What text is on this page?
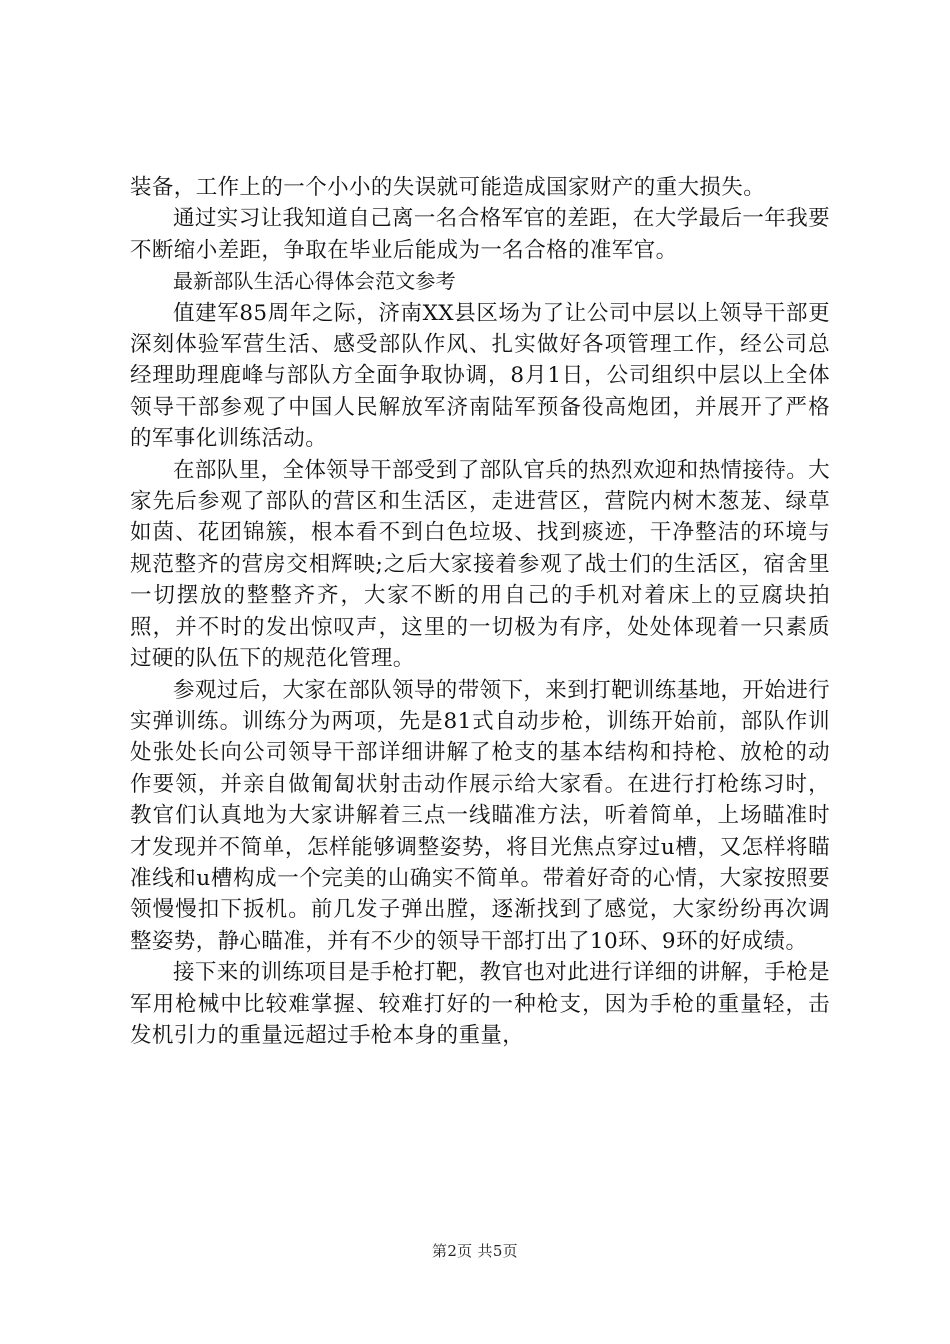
装备，工作上的一个小小的失误就可能造成国家财产的重大损失。

通过实习让我知道自己离一名合格军官的差距，在大学最后一年我要不断缩小差距，争取在毕业后能成为一名合格的准军官。

最新部队生活心得体会范文参考

值建军85周年之际，济南XX县区场为了让公司中层以上领导干部更深刻体验军营生活、感受部队作风、扎实做好各项管理工作，经公司总经理助理鹿峰与部队方全面争取协调，8月1日，公司组织中层以上全体领导干部参观了中国人民解放军济南陆军预备役高炮团，并展开了严格的军事化训练活动。

在部队里，全体领导干部受到了部队官兵的热烈欢迎和热情接待。大家先后参观了部队的营区和生活区，走进营区，营院内树木葱茏、绿草如茵、花团锦簇，根本看不到白色垃圾、找到痰迹，干净整洁的环境与规范整齐的营房交相辉映;之后大家接着参观了战士们的生活区，宿舍里一切摆放的整整齐齐，大家不断的用自己的手机对着床上的豆腐块拍照，并不时的发出惊叹声，这里的一切极为有序，处处体现着一只素质过硬的队伍下的规范化管理。

参观过后，大家在部队领导的带领下，来到打靶训练基地，开始进行实弹训练。训练分为两项，先是81式自动步枪，训练开始前，部队作训处张处长向公司领导干部详细讲解了枪支的基本结构和持枪、放枪的动作要领，并亲自做匍匐状射击动作展示给大家看。在进行打枪练习时，教官们认真地为大家讲解着三点一线瞄准方法，听着简单，上场瞄准时才发现并不简单，怎样能够调整姿势，将目光焦点穿过u槽，又怎样将瞄准线和u槽构成一个完美的山确实不简单。带着好奇的心情，大家按照要领慢慢扣下扳机。前几发子弹出膛，逐渐找到了感觉，大家纷纷再次调整姿势，静心瞄准，并有不少的领导干部打出了10环、9环的好成绩。

接下来的训练项目是手枪打靶，教官也对此进行详细的讲解，手枪是军用枪械中比较难掌握、较难打好的一种枪支，因为手枪的重量轻，击发机引力的重量远超过手枪本身的重量，

第2页 共5页
